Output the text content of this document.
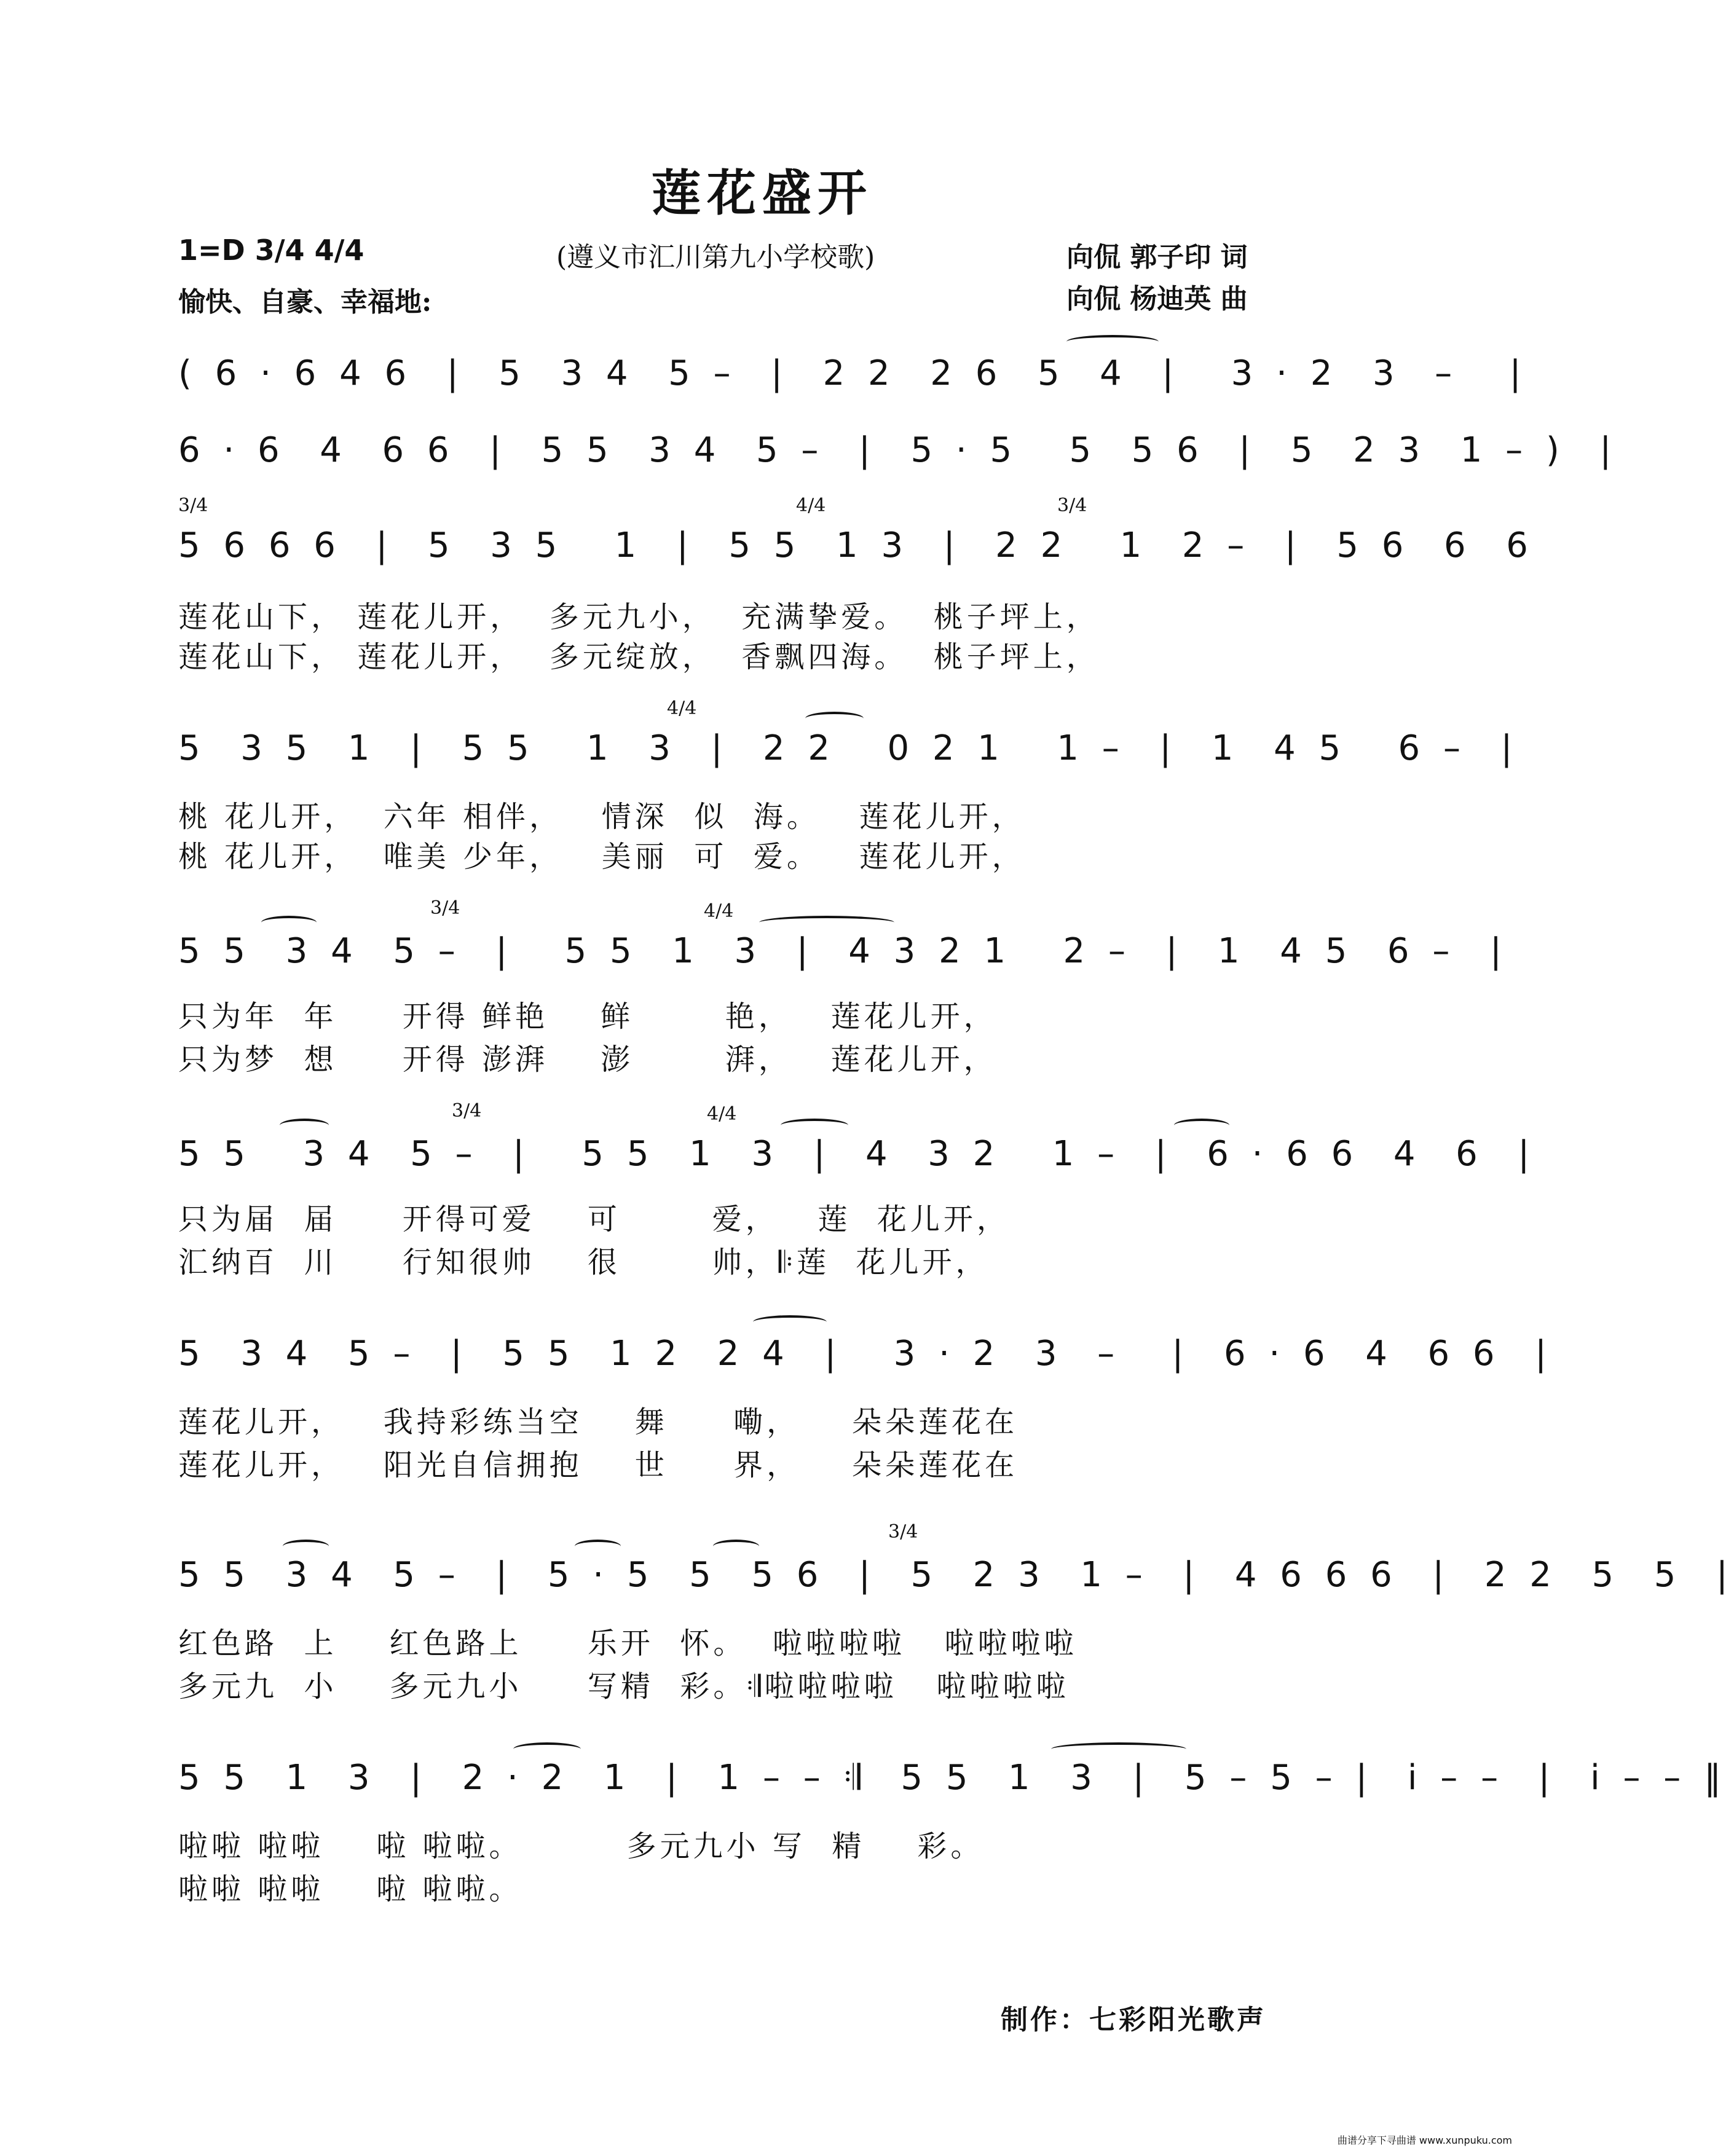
莲花盛开
1=D 3/4 4/4	(遵义市汇川第九小学校歌)	向侃 郭子印 词
愉快、自豪、幸福地:	向侃 杨迪英 曲
( 6 · 6 4 6  |  5  3 4  5 –  |  2 2  2 6  5  4  |   3 · 2  3  –   |
6 · 6  4  6 6  |  5 5  3 4  5 –  |  5 · 5   5  5 6  |  5  2 3  1 – )  |
3/4	4/4	3/4
5 6 6 6  |  5  3 5   1  |  5 5  1 3  |  2 2   1  2 –  |  5 6  6  6
莲花山下， 莲花儿开，  多元九小，  充满挚爱。  桃子坪上，
莲花山下， 莲花儿开，  多元绽放，  香飘四海。  桃子坪上，
4/4
5  3 5  1  |  5 5   1  3  |  2 2   0 2 1   1 –  |  1  4 5   6 –  |
桃 花儿开，  六年 相伴，   情深  似  海。   莲花儿开，
桃 花儿开，  唯美 少年，   美丽  可  爱。   莲花儿开，
3/4	4/4
5 5  3 4  5 –  |   5 5  1  3  |  4 3 2 1   2 –  |  1  4 5  6 –  |
只为年  年     开得 鲜艳    鲜       艳，   莲花儿开，
只为梦  想     开得 澎湃    澎       湃，   莲花儿开，
3/4	4/4
5 5   3 4  5 –  |   5 5  1  3  |  4  3 2   1 –  |  6 · 6 6  4  6  |
只为届  届     开得可爱    可       爱，   莲  花儿开，
汇纳百  川     行知很帅    很       帅，𝄆莲  花儿开，
5  3 4  5 –  |  5 5  1 2  2 4  |   3 · 2  3  –   |  6 · 6  4  6 6  |
莲花儿开，   我持彩练当空    舞     嘞，    朵朵莲花在
莲花儿开，   阳光自信拥抱    世     界，    朵朵莲花在
3/4
5 5  3 4  5 –  |  5 · 5  5  5 6  |  5  2 3  1 –  |  4 6 6 6  |  2 2  5  5  |
红色路  上    红色路上     乐开  怀。  啦啦啦啦   啦啦啦啦
多元九  小    多元九小     写精  彩。𝄇啦啦啦啦   啦啦啦啦
5 5  1  3  |  2 · 2  1  |  1 – – 𝄇  5 5  1  3  |  5 – 5 – |  i – –  |  i – – ‖
啦啦 啦啦    啦 啦啦。        多元九小 写  精    彩。
啦啦 啦啦    啦 啦啦。
制作：七彩阳光歌声
曲谱分享下寻曲谱 www.xunpuku.com
